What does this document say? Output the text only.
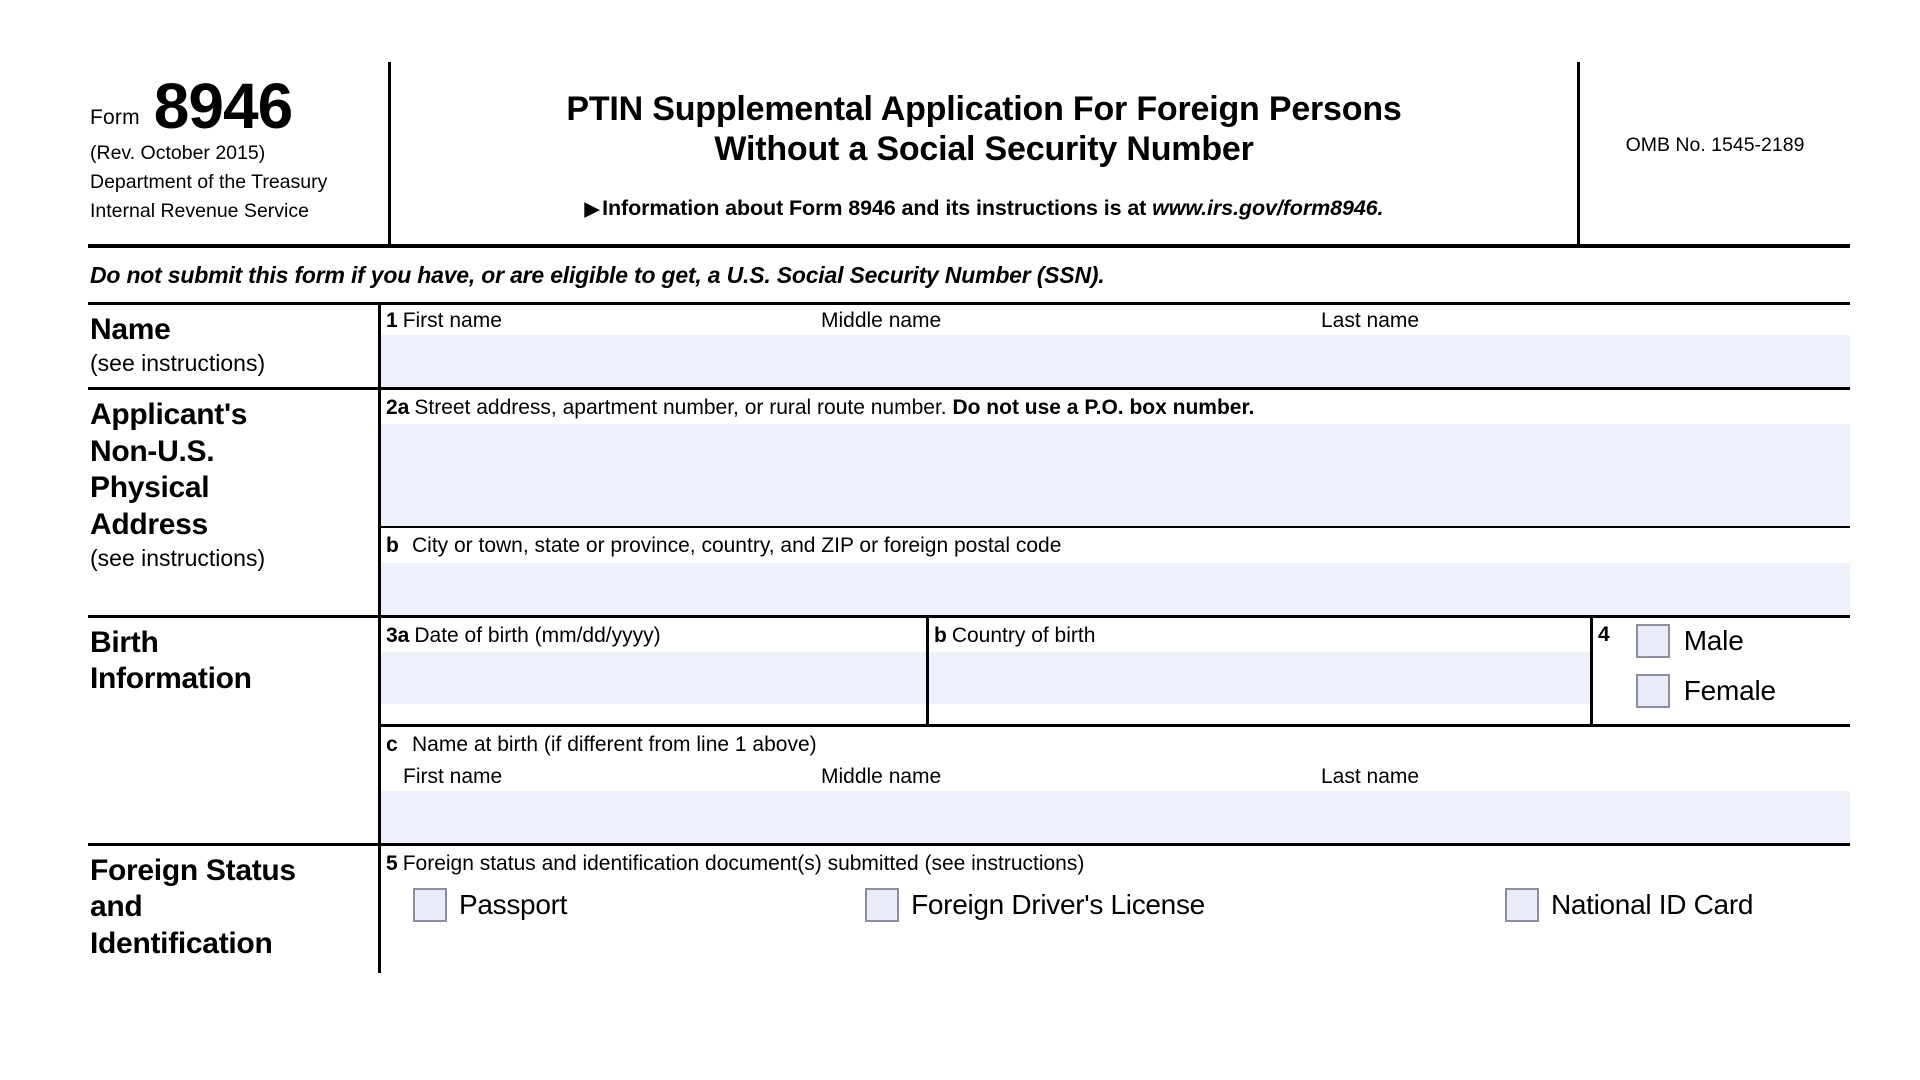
Form 8946
(Rev. October 2015)
Department of the Treasury
Internal Revenue Service
PTIN Supplemental Application For Foreign Persons
Without a Social Security Number
▶ Information about Form 8946 and its instructions is at www.irs.gov/form8946.
OMB No. 1545-2189
Do not submit this form if you have, or are eligible to get, a U.S. Social Security Number (SSN).
Name
(see instructions)
1 First name	Middle name	Last name
Applicant's
Non-U.S.
Physical
Address
(see instructions)
2a Street address, apartment number, or rural route number. Do not use a P.O. box number.
b City or town, state or province, country, and ZIP or foreign postal code
Birth
Information
3a Date of birth (mm/dd/yyyy)	b Country of birth	4	Male
Female
c Name at birth (if different from line 1 above)
First name	Middle name	Last name
Foreign Status
and
Identification
5 Foreign status and identification document(s) submitted (see instructions)
Passport	Foreign Driver's License	National ID Card
